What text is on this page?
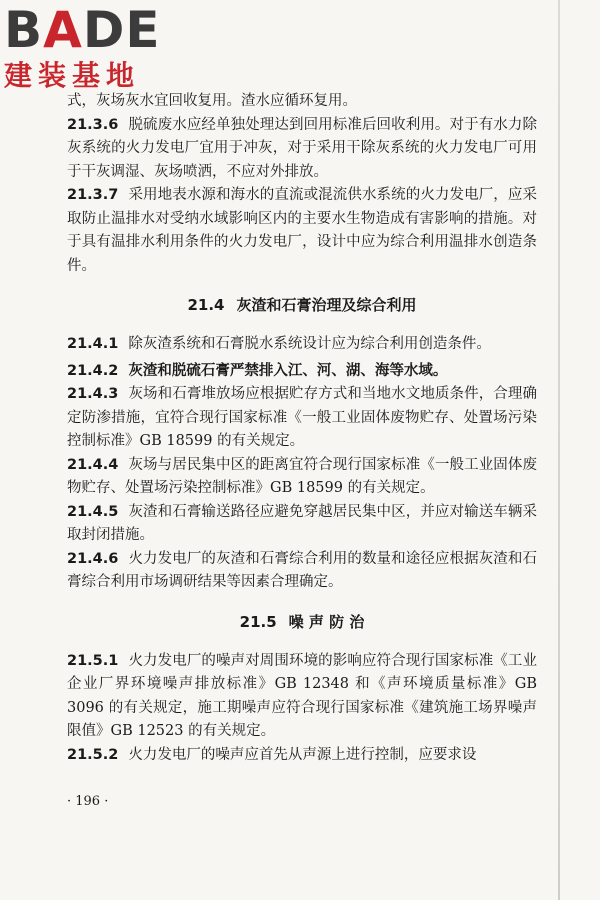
BADE
建装基地

式，灰场灰水宜回收复用。渣水应循环复用。

21.3.6 脱硫废水应经单独处理达到回用标准后回收利用。对于有水力除灰系统的火力发电厂宜用于冲灰，对于采用干除灰系统的火力发电厂可用于干灰调湿、灰场喷洒，不应对外排放。

21.3.7 采用地表水源和海水的直流或混流供水系统的火力发电厂，应采取防止温排水对受纳水域影响区内的主要水生物造成有害影响的措施。对于具有温排水利用条件的火力发电厂，设计中应为综合利用温排水创造条件。

21.4 灰渣和石膏治理及综合利用

21.4.1 除灰渣系统和石膏脱水系统设计应为综合利用创造条件。

21.4.2 灰渣和脱硫石膏严禁排入江、河、湖、海等水域。

21.4.3 灰场和石膏堆放场应根据贮存方式和当地水文地质条件，合理确定防渗措施，宜符合现行国家标准《一般工业固体废物贮存、处置场污染控制标准》GB 18599 的有关规定。

21.4.4 灰场与居民集中区的距离宜符合现行国家标准《一般工业固体废物贮存、处置场污染控制标准》GB 18599 的有关规定。

21.4.5 灰渣和石膏输送路径应避免穿越居民集中区，并应对输送车辆采取封闭措施。

21.4.6 火力发电厂的灰渣和石膏综合利用的数量和途径应根据灰渣和石膏综合利用市场调研结果等因素合理确定。

21.5 噪 声 防 治

21.5.1 火力发电厂的噪声对周围环境的影响应符合现行国家标准《工业企业厂界环境噪声排放标准》GB 12348 和《声环境质量标准》GB 3096 的有关规定，施工期噪声应符合现行国家标准《建筑施工场界噪声限值》GB 12523 的有关规定。

21.5.2 火力发电厂的噪声应首先从声源上进行控制，应要求设

· 196 ·
